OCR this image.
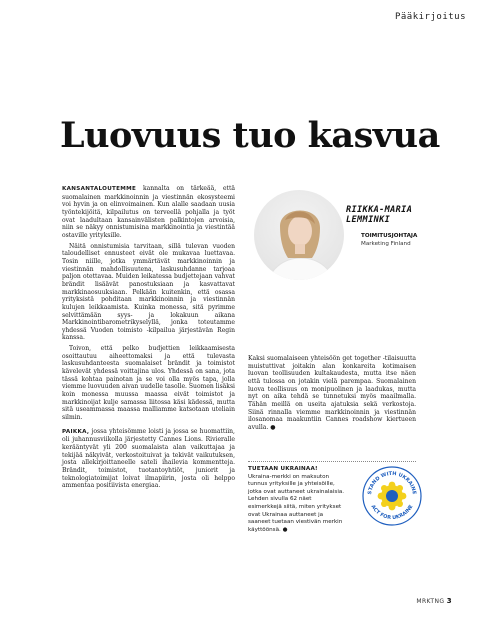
Pääkirjoitus
Luovuus tuo kasvua

KANSANTALOUTEMME kannalta on tärkeää, että suomalainen markkinoinnin ja viestinnän ekosysteemi voi hyvin ja on elinvoimainen. Kun alalle saadaan uusia työntekijöitä, kilpailutus on terveellä pohjalla ja työt ovat laadultaan kansainvälisten palkintojen arvoisia, niin se näkyy onnistumisina markkinointia ja viestintää ostaville yrityksille.

Näitä onnistumisia tarvitaan, sillä tulevan vuoden taloudelliset ennusteet eivät ole mukavaa luettavaa. Tosin niille, jotka ymmärtävät markkinoinnin ja viestinnän mahdollisuutena, laskusuhdanne tarjoaa paljon otettavaa. Muiden leikatessa budjettejaan vahvat brändit lisäävät panostuksiaan ja kasvattavat markkinaosuuksiaan. Pelkään kuitenkin, että osassa yrityksistä pohditaan markkinoinnin ja viestinnän kulujen leikkaamista. Kuinka monessa, sitä pyrimme selvittämään syys- ja lokakuun aikana Markkinointibarometrikyselyllä, jonka toteutamme yhdessä Vuoden toimisto -kilpailua järjestävän Regin kanssa.

Toivon, että pelko budjettien leikkaamisesta osoittautuu aiheettomaksi ja että tulevasta laskusuhdanteesta suomalaiset brändit ja toimistot kävelevät yhdessä voittajina ulos. Yhdessä on sana, jota tässä kohtaa painotan ja se voi olla myös tapa, jolla viemme luovuuden aivan uudelle tasolle. Suomen lisäksi koin monessa muussa maassa eivät toimistot ja markkinoijat kulje samassa liitossa käsi kädessä, mutta sitä useammassa maassa malliamme katsotaan uteliain silmin.

PAIKKA, jossa yhteisömme loisti ja jossa se huomattiin, oli juhannusviikolla järjestetty Cannes Lions. Rivieralle kerääntyvät yli 200 suomalaista alan vaikuttajaa ja tekijää näkyivät, verkostoituivat ja tekivät vaikutuksen, josta allekirjoittaneelle sateli ihailevia kommentteja. Brändit, toimistot, tuotantoyhtiöt, juniorit ja teknologiatoimijat loivat ilmapiirin, josta oli helppo ammentaa positiivista energiaa.

RIIKKA-MARIA
LEMMINKI
TOIMITUSJOHTAJA
Marketing Finland

Kaksi suomalaiseen yhteisöön get together -tilaisuutta muistuttivat joitakin alan konkareita kotimaisen luovan teollisuuden kultakaudesta, mutta itse näen että tulossa on jotakin vielä parempaa. Suomalainen luova teollisuus on monipuolinen ja laadukas, mutta nyt on aika tehdä se tunnetuksi myös maailmalla. Tähän meillä on useita ajatuksia sekä verkostoja. Siinä rinnalla viemme markkinoinnin ja viestinnän ilosanomaa maakuntiin Cannes roadshow kiertueen avulla. ●

TUETAAN UKRAINAA!
Ukraina-merkki on maksuton tunnus yrityksille ja yhteisöille, jotka ovat auttaneet ukrainalaisia. Lehden sivulla 62 näet esimerkkejä siitä, miten yritykset ovat Ukrainaa auttaneet ja saaneet tuetaan viestivän merkin käyttöönsä. ●
STAND WITH UKRAINE
ACT FOR UKRAINE
MRKTNG 3
